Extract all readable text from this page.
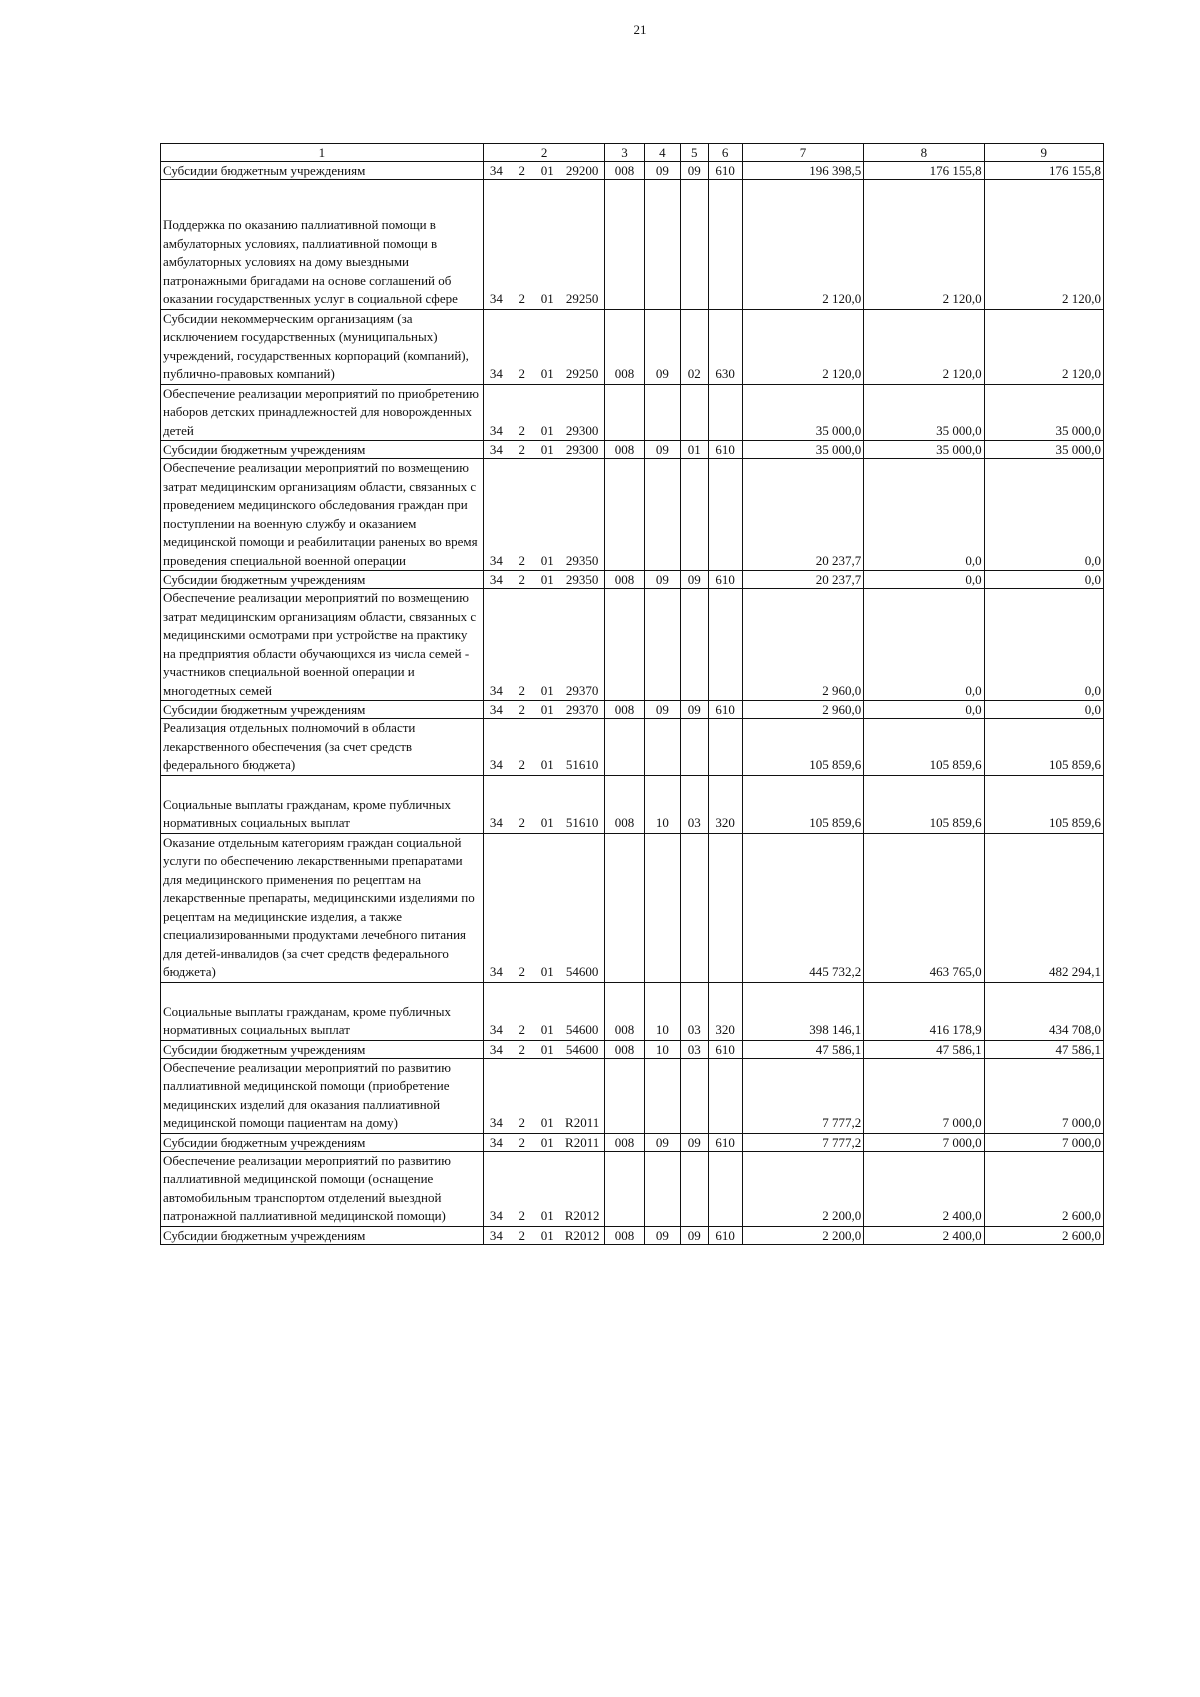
21
1	2				3	4	5	6	7	8	9
Субсидии бюджетным учреждениям	34	2	01	29200	008	09	09	610	196 398,5	176 155,8	176 155,8
Поддержка по оказанию паллиативной помощи в амбулаторных условиях, паллиативной помощи в амбулаторных условиях на дому выездными патронажными бригадами на основе соглашений об оказании государственных услуг в социальной сфере	34	2	01	29250					2 120,0	2 120,0	2 120,0
Субсидии некоммерческим организациям (за исключением государственных (муниципальных) учреждений, государственных корпораций (компаний), публично-правовых компаний)	34	2	01	29250	008	09	02	630	2 120,0	2 120,0	2 120,0
Обеспечение реализации мероприятий по приобретению наборов детских принадлежностей для новорожденных детей	34	2	01	29300					35 000,0	35 000,0	35 000,0
Субсидии бюджетным учреждениям	34	2	01	29300	008	09	01	610	35 000,0	35 000,0	35 000,0
Обеспечение реализации мероприятий по возмещению затрат медицинским организациям области, связанных с проведением медицинского обследования граждан при поступлении на военную службу и оказанием медицинской помощи и реабилитации раненых во время проведения специальной военной операции	34	2	01	29350					20 237,7	0,0	0,0
Субсидии бюджетным учреждениям	34	2	01	29350	008	09	09	610	20 237,7	0,0	0,0
Обеспечение реализации мероприятий по возмещению затрат медицинским организациям области, связанных с медицинскими осмотрами при устройстве на практику на предприятия области обучающихся из числа семей - участников специальной военной операции и многодетных семей	34	2	01	29370					2 960,0	0,0	0,0
Субсидии бюджетным учреждениям	34	2	01	29370	008	09	09	610	2 960,0	0,0	0,0
Реализация отдельных полномочий в области лекарственного обеспечения (за счет средств федерального бюджета)	34	2	01	51610					105 859,6	105 859,6	105 859,6
Социальные выплаты гражданам, кроме публичных нормативных социальных выплат	34	2	01	51610	008	10	03	320	105 859,6	105 859,6	105 859,6
Оказание отдельным категориям граждан социальной услуги по обеспечению лекарственными препаратами для медицинского применения по рецептам на лекарственные препараты, медицинскими изделиями по рецептам на медицинские изделия, а также специализированными продуктами лечебного питания для детей-инвалидов (за счет средств федерального бюджета)	34	2	01	54600					445 732,2	463 765,0	482 294,1
Социальные выплаты гражданам, кроме публичных нормативных социальных выплат	34	2	01	54600	008	10	03	320	398 146,1	416 178,9	434 708,0
Субсидии бюджетным учреждениям	34	2	01	54600	008	10	03	610	47 586,1	47 586,1	47 586,1
Обеспечение реализации мероприятий по развитию паллиативной медицинской помощи (приобретение медицинских изделий для оказания паллиативной медицинской помощи пациентам на дому)	34	2	01	R2011					7 777,2	7 000,0	7 000,0
Субсидии бюджетным учреждениям	34	2	01	R2011	008	09	09	610	7 777,2	7 000,0	7 000,0
Обеспечение реализации мероприятий по развитию паллиативной медицинской помощи (оснащение автомобильным транспортом отделений выездной патронажной паллиативной медицинской помощи)	34	2	01	R2012					2 200,0	2 400,0	2 600,0
Субсидии бюджетным учреждениям	34	2	01	R2012	008	09	09	610	2 200,0	2 400,0	2 600,0
